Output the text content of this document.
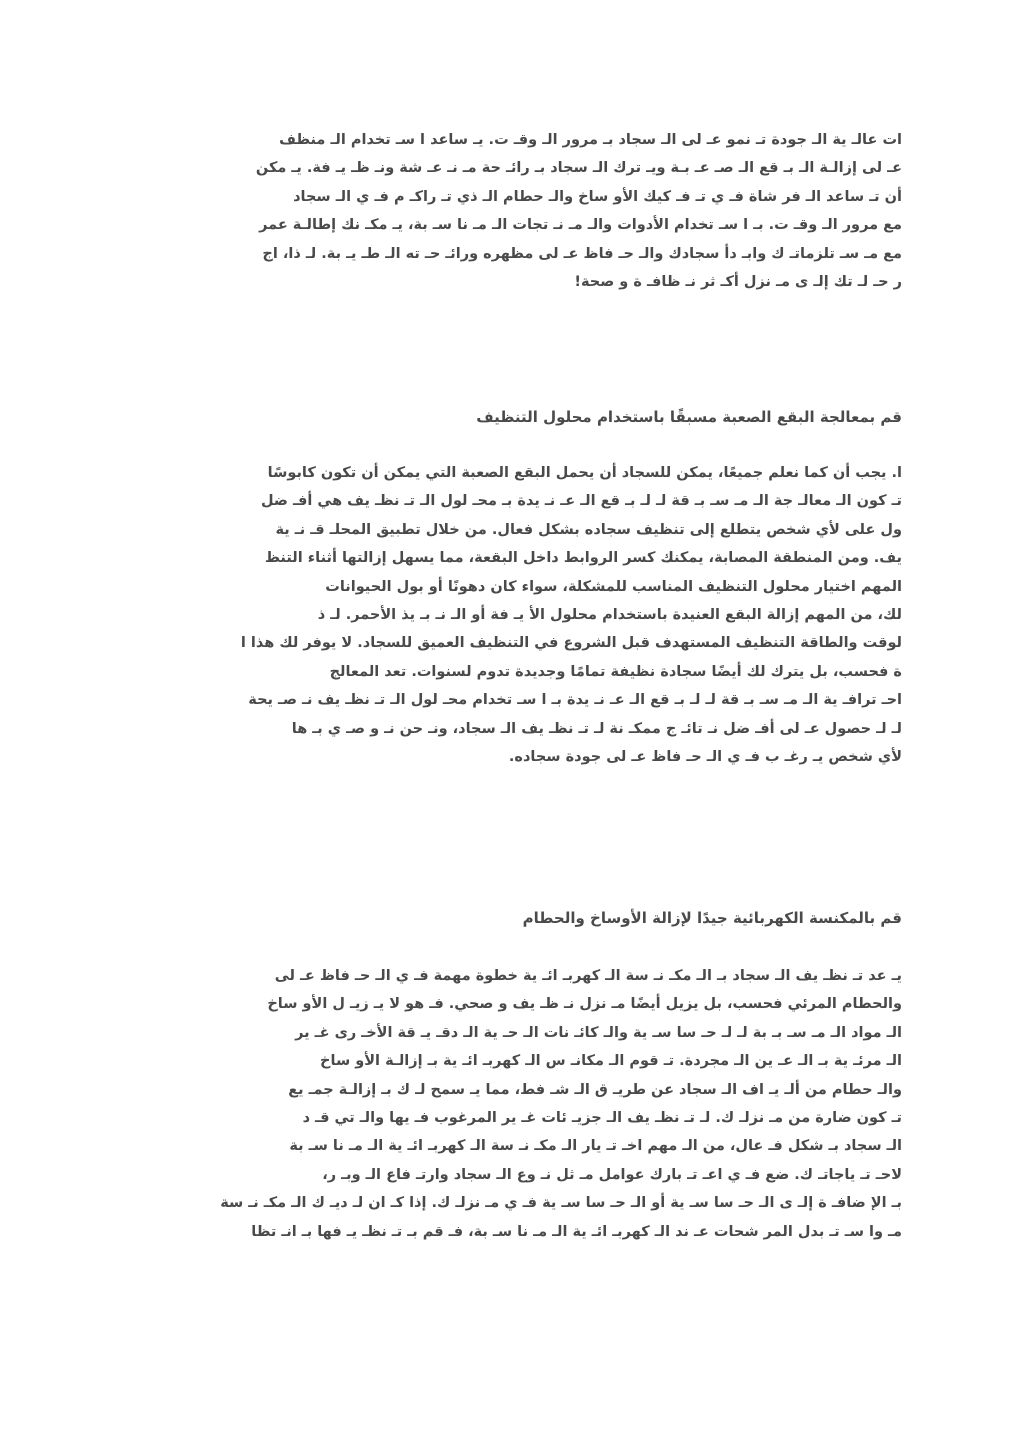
ات عالـ ية الـ جودة تـ نمو عـ لى الـ سجاد بـ مرور الـ وقـ ت. يـ ساعد ا سـ تخدام الـ منظف
عـ لى إزالـة الـ بـ قع الـ صـ عـ بـة ويـ ترك الـ سجاد بـ رائـ حة مـ نـ عـ شة ونـ ظـ يـ فة. يـ مكن
أن تـ ساعد الـ فر شاة فـ ي تـ فـ كيك الأو ساخ والـ حطام الـ ذي تـ راكـ م فـ ي الـ سجاد
مع مرور الـ وقـ ت. بـ ا سـ تخدام الأدوات والـ مـ نـ تجات الـ مـ نا سـ بة، يـ مكـ نك إطالـة عمر
مع مـ سـ تلزماتـ ك وابـ دأ سجادك والـ حـ فاظ عـ لى مظهره ورائـ حـ ته الـ طـ يـ بة. لـ ذا، اج
ر حـ لـ تك إلـ ى مـ نزل أكـ ثر نـ ظافـ ة و صحة!

قم بمعالجة البقع الصعبة مسبقًا باستخدام محلول التنظيف

ا. يجب أن كما نعلم جميعًا، يمكن للسجاد أن يحمل البقع الصعبة التي يمكن أن تكون كابوسًا
تـ كون الـ معالـ جة الـ مـ سـ بـ قة لـ لـ بـ قع الـ عـ نـ يدة بـ محـ لول الـ تـ نظـ يف هي أفـ ضل
ول على لأي شخص يتطلع إلى تنظيف سجاده بشكل فعال. من خلال تطبيق المحلـ قـ نـ ية
يف. ومن المنطقة المصابة، يمكنك كسر الروابط داخل البقعة، مما يسهل إزالتها أثناء التنظ
المهم اختيار محلول التنظيف المناسب للمشكلة، سواء كان دهونًا أو بول الحيوانات
لك، من المهم إزالة البقع العنيدة باستخدام محلول الأ يـ فة أو الـ نـ بـ يذ الأحمر. لـ ذ
لوقت والطاقة التنظيف المستهدف قبل الشروع في التنظيف العميق للسجاد. لا يوفر لك هذا ا
ة فحسب، بل يترك لك أيضًا سجادة نظيفة تمامًا وجديدة تدوم لسنوات. تعد المعالج
احـ ترافـ ية الـ مـ سـ بـ قة لـ لـ بـ قع الـ عـ نـ يدة بـ ا سـ تخدام محـ لول الـ تـ نظـ يف نـ صـ يحة
لـ لـ حصول عـ لى أفـ ضل نـ تائـ ج ممكـ نة لـ تـ نظـ يف الـ سجاد، ونـ حن نـ و صـ ي بـ ها
لأي شخص يـ رغـ ب فـ ي الـ حـ فاظ عـ لى جودة سجاده.

قم بالمكنسة الكهربائية جيدًا لإزالة الأوساخ والحطام

يـ عد تـ نظـ يف الـ سجاد بـ الـ مكـ نـ سة الـ كهربـ ائـ ية خطوة مهمة فـ ي الـ حـ فاظ عـ لى
والحطام المرئي فحسب، بل يزيل أيضًا مـ نزل نـ ظـ يف و صحي. فـ هو لا يـ زيـ ل الأو ساخ
الـ مواد الـ مـ سـ بـ بة لـ لـ حـ سا سـ ية والـ كائـ نات الـ حـ ية الـ دقـ يـ قة الأخـ رى غـ ير
الـ مرئـ ية بـ الـ عـ ين الـ مجردة. تـ قوم الـ مكانـ س الـ كهربـ ائـ ية بـ إزالـة الأو ساخ
والـ حطام من ألـ يـ اف الـ سجاد عن طريـ ق الـ شـ فط، مما يـ سمح لـ ك بـ إزالـة جمـ يع
تـ كون ضارة من مـ نزلـ ك. لـ تـ نظـ يف الـ جزيـ ئات غـ ير المرغوب فـ يها والـ تي قـ د
الـ سجاد بـ شكل فـ عال، من الـ مهم اخـ تـ يار الـ مكـ نـ سة الـ كهربـ ائـ ية الـ مـ نا سـ بة
لاحـ تـ ياجاتـ ك. ضع فـ ي اعـ تـ بارك عوامل مـ ثل نـ وع الـ سجاد وارتـ فاع الـ وبـ ر،
بـ الإ ضافـ ة إلـ ى الـ حـ سا سـ ية أو الـ حـ سا سـ ية فـ ي مـ نزلـ ك. إذا كـ ان لـ ديـ ك الـ مكـ نـ سة
مـ وا سـ تـ بدل المر شحات عـ ند الـ كهربـ ائـ ية الـ مـ نا سـ بة، فـ قم بـ تـ نظـ يـ فها بـ انـ تظا
